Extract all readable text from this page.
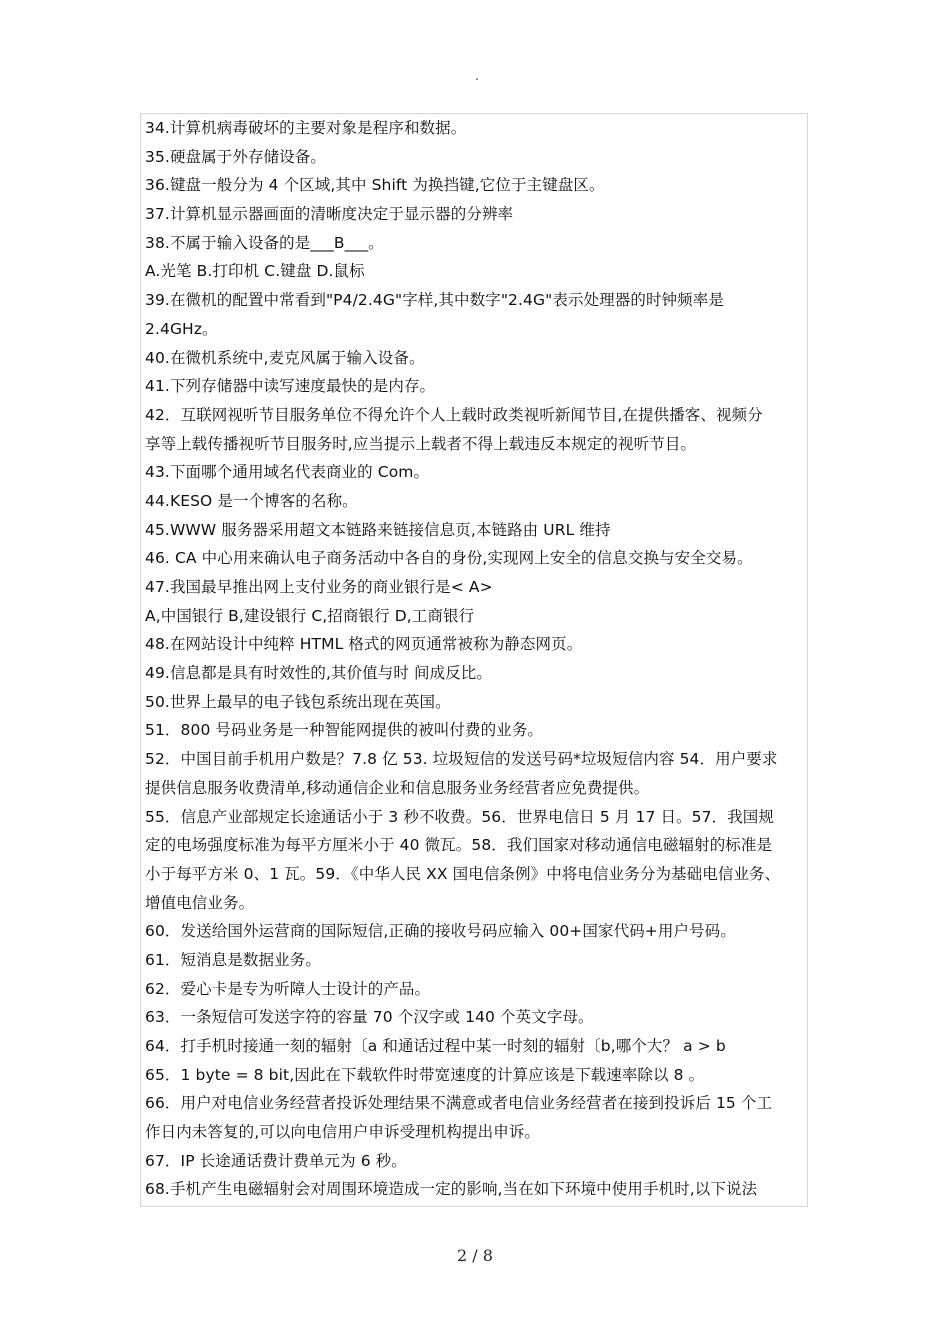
.
34.计算机病毒破坏的主要对象是程序和数据。
35.硬盘属于外存储设备。
36.键盘一般分为 4 个区域,其中 Shift 为换挡键,它位于主键盘区。
37.计算机显示器画面的清晰度决定于显示器的分辨率
38.不属于输入设备的是___B___。
A.光笔 B.打印机 C.键盘 D.鼠标
39.在微机的配置中常看到"P4/2.4G"字样,其中数字"2.4G"表示处理器的时钟频率是
2.4GHz。
40.在微机系统中,麦克风属于输入设备。
41.下列存储器中读写速度最快的是内存。
42．互联网视听节目服务单位不得允许个人上载时政类视听新闻节目,在提供播客、视频分
享等上载传播视听节目服务时,应当提示上载者不得上载违反本规定的视听节目。
43.下面哪个通用域名代表商业的 Com。
44.KESO 是一个博客的名称。
45.WWW 服务器采用超文本链路来链接信息页,本链路由 URL 维持
46. CA 中心用来确认电子商务活动中各自的身份,实现网上安全的信息交换与安全交易。
47.我国最早推出网上支付业务的商业银行是< A>
A,中国银行 B,建设银行 C,招商银行 D,工商银行
48.在网站设计中纯粹 HTML 格式的网页通常被称为静态网页。
49.信息都是具有时效性的,其价值与时 间成反比。
50.世界上最早的电子钱包系统出现在英国。
51．800 号码业务是一种智能网提供的被叫付费的业务。
52．中国目前手机用户数是？7.8 亿 53. 垃圾短信的发送号码*垃圾短信内容 54．用户要求
提供信息服务收费清单,移动通信企业和信息服务业务经营者应免费提供。
55．信息产业部规定长途通话小于 3 秒不收费。56．世界电信日 5 月 17 日。57．我国规
定的电场强度标准为每平方厘米小于 40 微瓦。58．我们国家对移动通信电磁辐射的标准是
小于每平方米 0、1 瓦。59．《中华人民 XX 国电信条例》中将电信业务分为基础电信业务、
增值电信业务。
60．发送给国外运营商的国际短信,正确的接收号码应输入 00+国家代码+用户号码。
61．短消息是数据业务。
62．爱心卡是专为听障人士设计的产品。
63．一条短信可发送字符的容量 70 个汉字或 140 个英文字母。
64．打手机时接通一刻的辐射〔a 和通话过程中某一时刻的辐射〔b,哪个大？ a > b
65．1 byte = 8 bit,因此在下载软件时带宽速度的计算应该是下载速率除以 8 。
66．用户对电信业务经营者投诉处理结果不满意或者电信业务经营者在接到投诉后 15 个工
作日内未答复的,可以向电信用户申诉受理机构提出申诉。
67．IP 长途通话费计费单元为 6 秒。
68.手机产生电磁辐射会对周围环境造成一定的影响,当在如下环境中使用手机时,以下说法
2 / 8
